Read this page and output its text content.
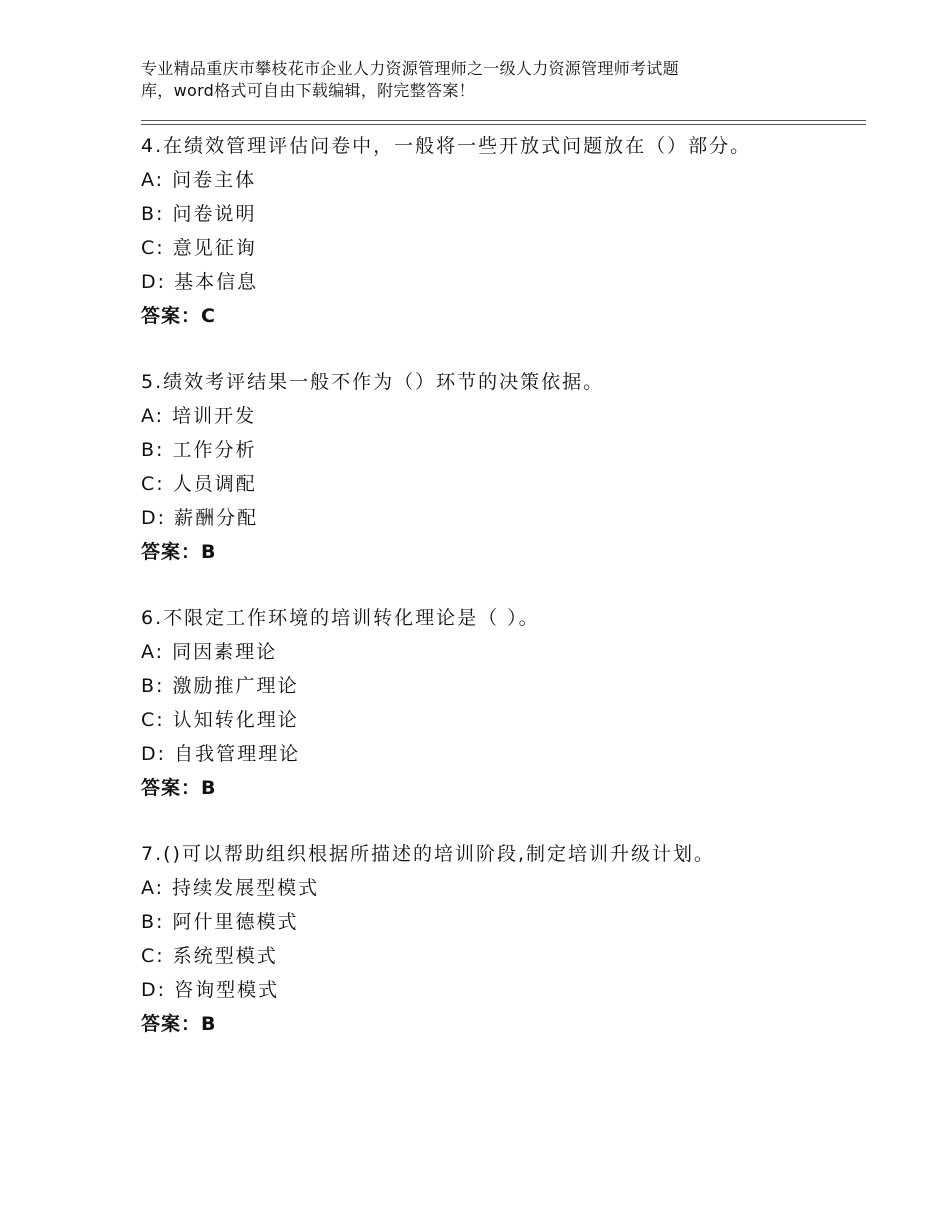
专业精品重庆市攀枝花市企业人力资源管理师之一级人力资源管理师考试题
库，word格式可自由下载编辑，附完整答案！
4.在绩效管理评估问卷中，一般将一些开放式问题放在（）部分。
A: 问卷主体
B: 问卷说明
C: 意见征询
D: 基本信息
答案：C
5.绩效考评结果一般不作为（）环节的决策依据。
A: 培训开发
B: 工作分析
C: 人员调配
D: 薪酬分配
答案：B
6.不限定工作环境的培训转化理论是（ ）。
A: 同因素理论
B: 激励推广理论
C: 认知转化理论
D: 自我管理理论
答案：B
7.()可以帮助组织根据所描述的培训阶段,制定培训升级计划。
A: 持续发展型模式
B: 阿什里德模式
C: 系统型模式
D: 咨询型模式
答案：B
